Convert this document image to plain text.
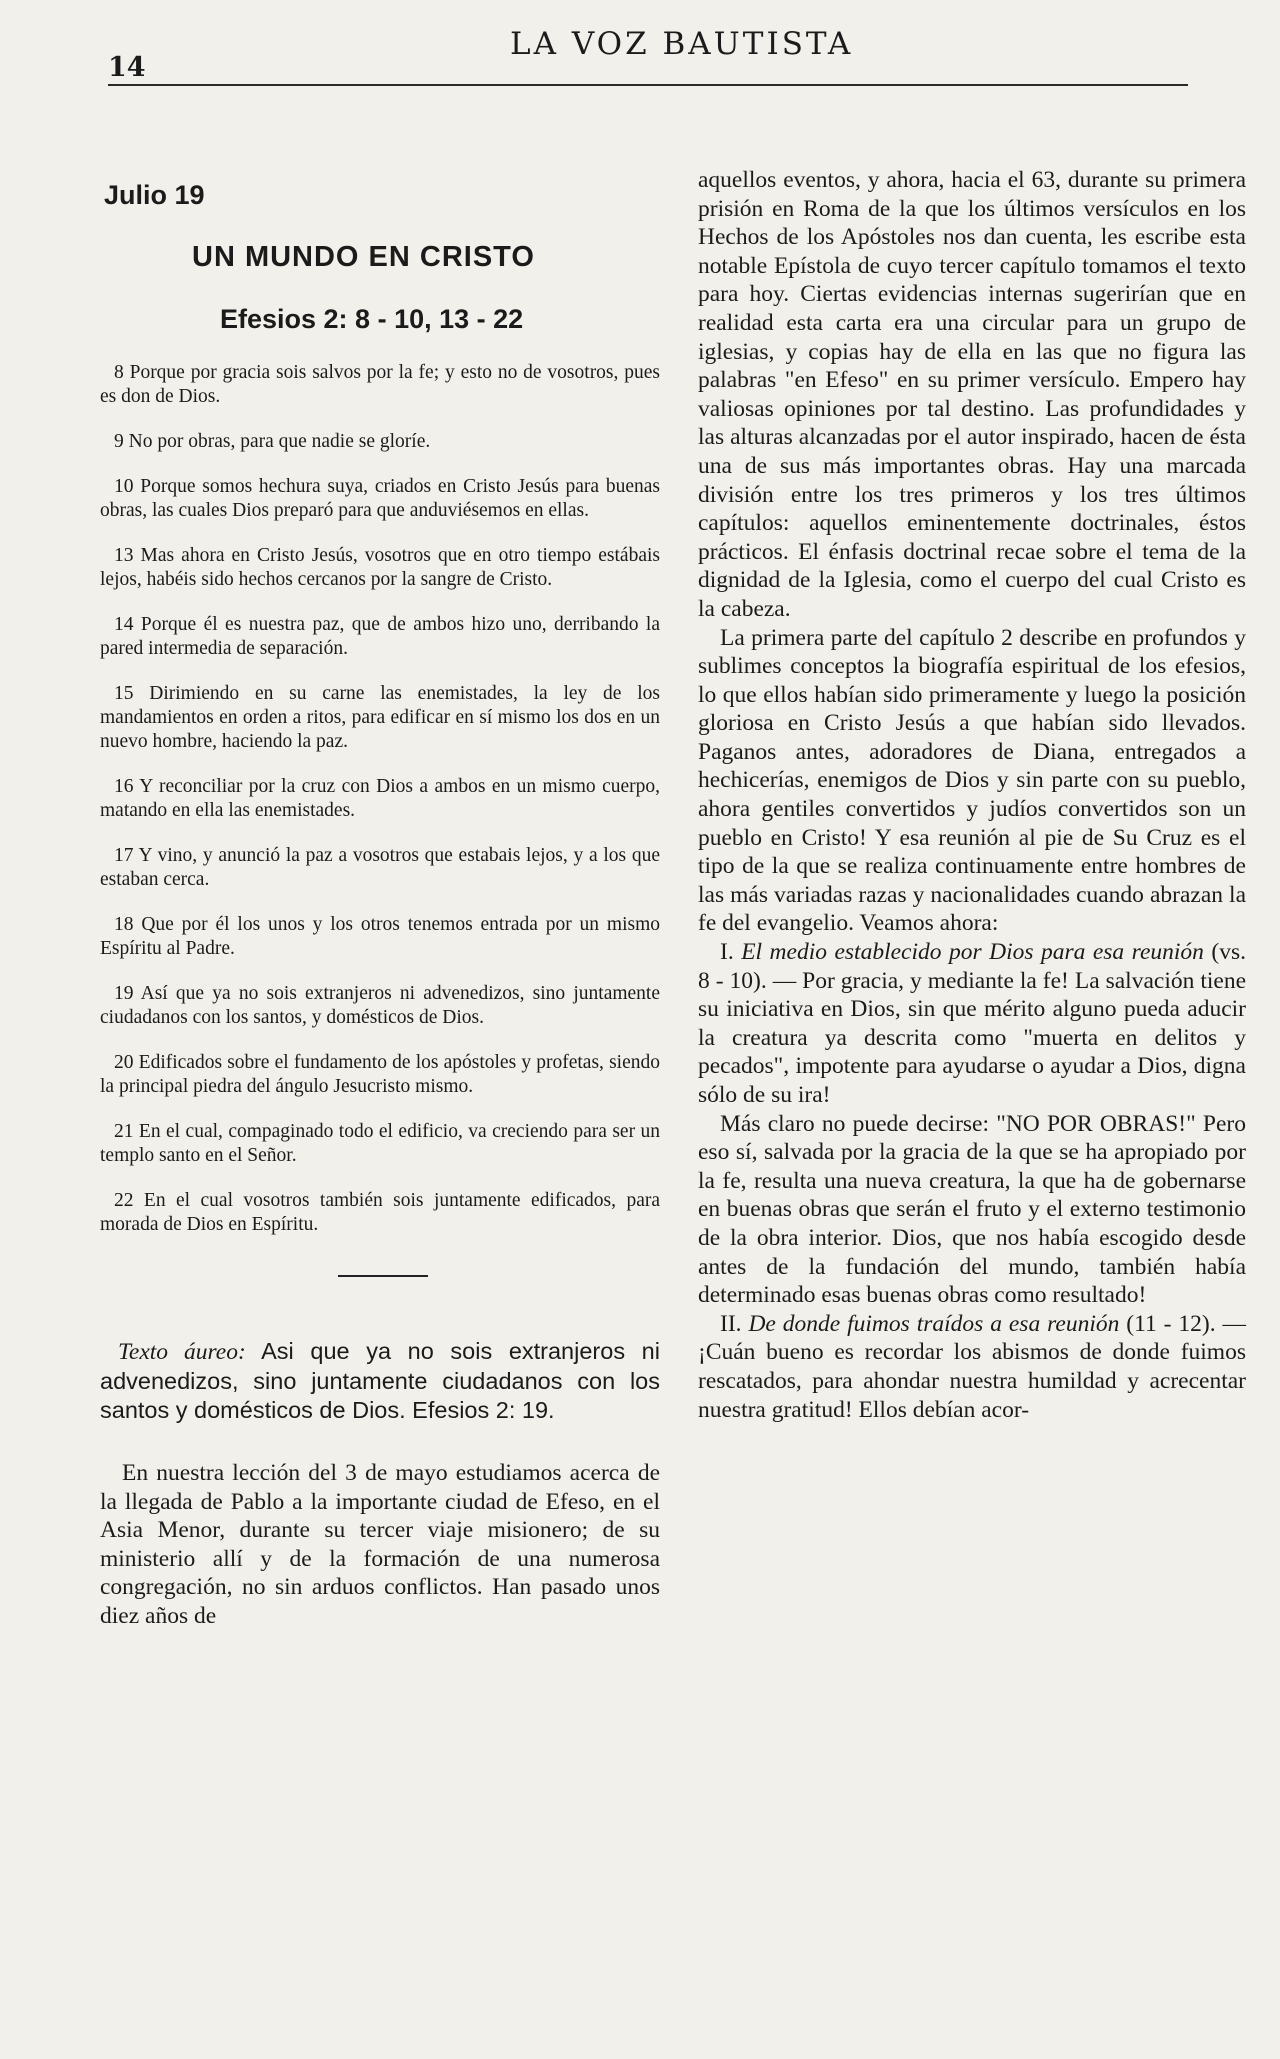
14
LA VOZ BAUTISTA
Julio 19
UN MUNDO EN CRISTO
Efesios 2: 8 - 10, 13 - 22

8 Porque por gracia sois salvos por la fe; y esto no de vosotros, pues es don de Dios.

9 No por obras, para que nadie se gloríe.

10 Porque somos hechura suya, criados en Cristo Jesús para buenas obras, las cuales Dios preparó para que anduviésemos en ellas.

13 Mas ahora en Cristo Jesús, vosotros que en otro tiempo estábais lejos, habéis sido hechos cercanos por la sangre de Cristo.

14 Porque él es nuestra paz, que de ambos hizo uno, derribando la pared intermedia de separación.

15 Dirimiendo en su carne las enemistades, la ley de los mandamientos en orden a ritos, para edificar en sí mismo los dos en un nuevo hombre, haciendo la paz.

16 Y reconciliar por la cruz con Dios a ambos en un mismo cuerpo, matando en ella las enemistades.

17 Y vino, y anunció la paz a vosotros que estabais lejos, y a los que estaban cerca.

18 Que por él los unos y los otros tenemos entrada por un mismo Espíritu al Padre.

19 Así que ya no sois extranjeros ni advenedizos, sino juntamente ciudadanos con los santos, y domésticos de Dios.

20 Edificados sobre el fundamento de los apóstoles y profetas, siendo la principal piedra del ángulo Jesucristo mismo.

21 En el cual, compaginado todo el edificio, va creciendo para ser un templo santo en el Señor.

22 En el cual vosotros también sois juntamente edificados, para morada de Dios en Espíritu.

Texto áureo: Asi que ya no sois extranjeros ni advenedizos, sino juntamente ciudadanos con los santos y domésticos de Dios. Efesios 2: 19.

En nuestra lección del 3 de mayo estudiamos acerca de la llegada de Pablo a la importante ciudad de Efeso, en el Asia Menor, durante su tercer viaje misionero; de su ministerio allí y de la formación de una numerosa congregación, no sin arduos conflictos. Han pasado unos diez años de

aquellos eventos, y ahora, hacia el 63, durante su primera prisión en Roma de la que los últimos versículos en los Hechos de los Apóstoles nos dan cuenta, les escribe esta notable Epístola de cuyo tercer capítulo tomamos el texto para hoy. Ciertas evidencias internas sugerirían que en realidad esta carta era una circular para un grupo de iglesias, y copias hay de ella en las que no figura las palabras "en Efeso" en su primer versículo. Empero hay valiosas opiniones por tal destino. Las profundidades y las alturas alcanzadas por el autor inspirado, hacen de ésta una de sus más importantes obras. Hay una marcada división entre los tres primeros y los tres últimos capítulos: aquellos eminentemente doctrinales, éstos prácticos. El énfasis doctrinal recae sobre el tema de la dignidad de la Iglesia, como el cuerpo del cual Cristo es la cabeza.

La primera parte del capítulo 2 describe en profundos y sublimes conceptos la biografía espiritual de los efesios, lo que ellos habían sido primeramente y luego la posición gloriosa en Cristo Jesús a que habían sido llevados. Paganos antes, adoradores de Diana, entregados a hechicerías, enemigos de Dios y sin parte con su pueblo, ahora gentiles convertidos y judíos convertidos son un pueblo en Cristo! Y esa reunión al pie de Su Cruz es el tipo de la que se realiza continuamente entre hombres de las más variadas razas y nacionalidades cuando abrazan la fe del evangelio. Veamos ahora:

I. El medio establecido por Dios para esa reunión (vs. 8 - 10). — Por gracia, y mediante la fe! La salvación tiene su iniciativa en Dios, sin que mérito alguno pueda aducir la creatura ya descrita como "muerta en delitos y pecados", impotente para ayudarse o ayudar a Dios, digna sólo de su ira!

Más claro no puede decirse: "NO POR OBRAS!" Pero eso sí, salvada por la gracia de la que se ha apropiado por la fe, resulta una nueva creatura, la que ha de gobernarse en buenas obras que serán el fruto y el externo testimonio de la obra interior. Dios, que nos había escogido desde antes de la fundación del mundo, también había determinado esas buenas obras como resultado!

II. De donde fuimos traídos a esa reunión (11 - 12). — ¡Cuán bueno es recordar los abismos de donde fuimos rescatados, para ahondar nuestra humildad y acrecentar nuestra gratitud! Ellos debían acor-
